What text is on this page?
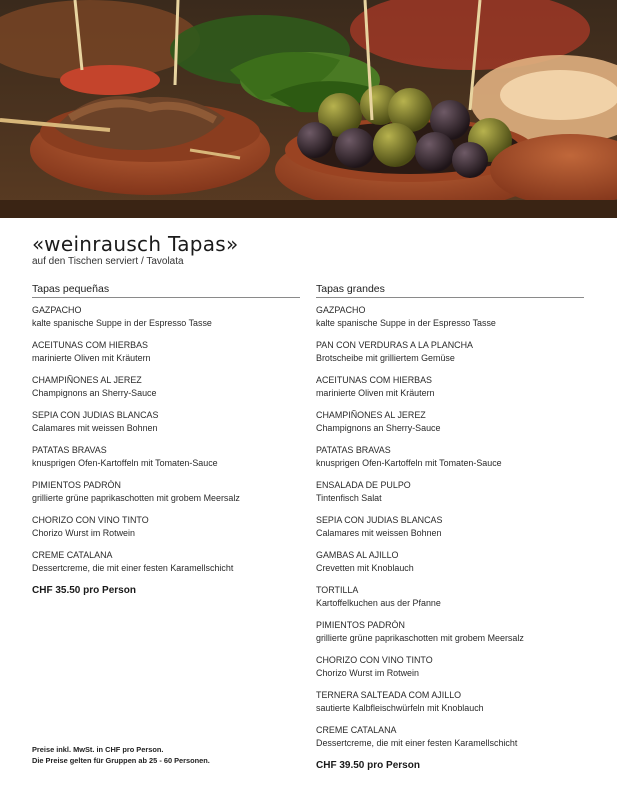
«weinrausch Tapas»
auf den Tischen serviert / Tavolata
Tapas pequeñas
GAZPACHO
kalte spanische Suppe in der Espresso Tasse
ACEITUNAS COM HIERBAS
marinierte Oliven mit Kräutern
CHAMPIÑONES AL JEREZ
Champignons an Sherry-Sauce
SEPIA CON JUDIAS BLANCAS
Calamares mit weissen Bohnen
PATATAS BRAVAS
knusprigen Ofen-Kartoffeln mit Tomaten-Sauce
PIMIENTOS PADRÓN
grillierte grüne paprikaschotten mit grobem Meersalz
CHORIZO CON VINO TINTO
Chorizo Wurst im Rotwein
CREME CATALANA
Dessertcreme, die mit einer festen Karamellschicht
CHF 35.50 pro Person
Tapas grandes
GAZPACHO
kalte spanische Suppe in der Espresso Tasse
PAN CON VERDURAS A LA PLANCHA
Brotscheibe mit grilliertem Gemüse
ACEITUNAS COM HIERBAS
marinierte Oliven mit Kräutern
CHAMPIÑONES AL JEREZ
Champignons an Sherry-Sauce
PATATAS BRAVAS
knusprigen Ofen-Kartoffeln mit Tomaten-Sauce
ENSALADA DE PULPO
Tintenfisch Salat
SEPIA CON JUDIAS BLANCAS
Calamares mit weissen Bohnen
GAMBAS AL AJILLO
Crevetten mit Knoblauch
TORTILLA
Kartoffelkuchen aus der Pfanne
PIMIENTOS PADRÓN
grillierte grüne paprikaschotten mit grobem Meersalz
CHORIZO CON VINO TINTO
Chorizo Wurst im Rotwein
TERNERA SALTEADA COM AJILLO
sautierte Kalbfleischwürfeln mit Knoblauch
CREME CATALANA
Dessertcreme, die mit einer festen Karamellschicht
CHF 39.50 pro Person
Preise inkl. MwSt. in CHF pro Person.
Die Preise gelten für Gruppen ab 25 - 60 Personen.
